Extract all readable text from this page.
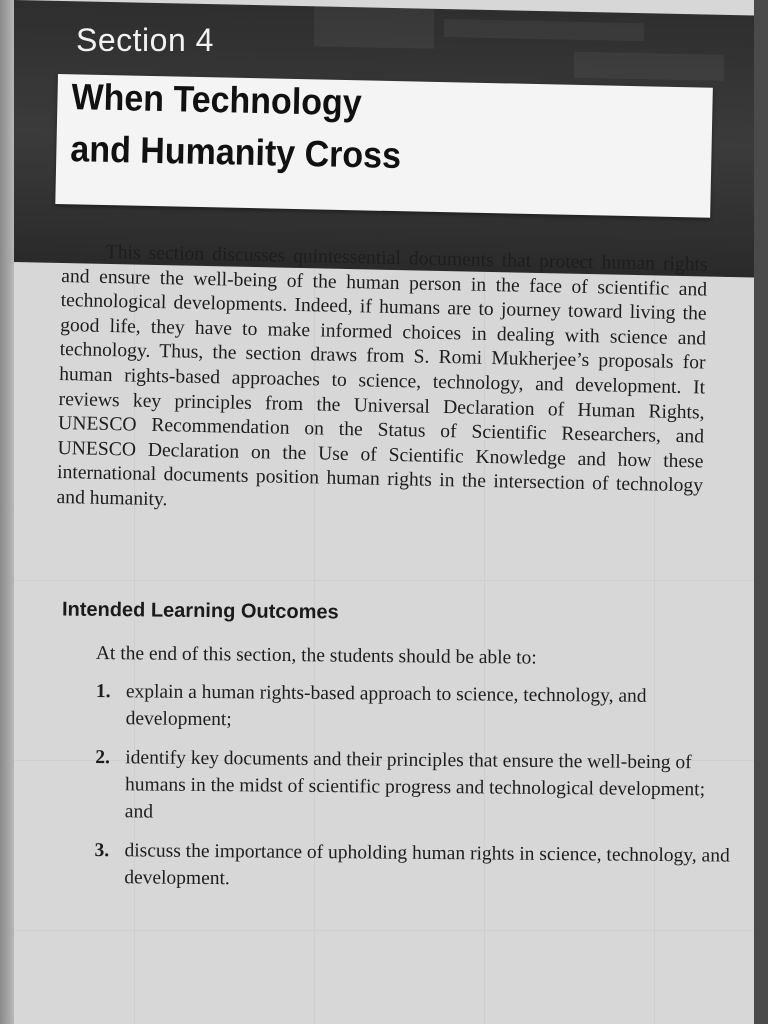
Section 4
When Technology
and Humanity Cross
This section discusses quintessential documents that protect human rights and ensure the well-being of the human person in the face of scientific and technological developments. Indeed, if humans are to journey toward living the good life, they have to make informed choices in dealing with science and technology. Thus, the section draws from S. Romi Mukherjee’s proposals for human rights-based approaches to science, technology, and development. It reviews key principles from the Universal Declaration of Human Rights, UNESCO Recommendation on the Status of Scientific Researchers, and UNESCO Declaration on the Use of Scientific Knowledge and how these international documents position human rights in the intersection of technology and humanity.
Intended Learning Outcomes
At the end of this section, the students should be able to:
1. explain a human rights-based approach to science, technology, and development;
2. identify key documents and their principles that ensure the well-being of humans in the midst of scientific progress and technological development; and
3. discuss the importance of upholding human rights in science, technology, and development.
